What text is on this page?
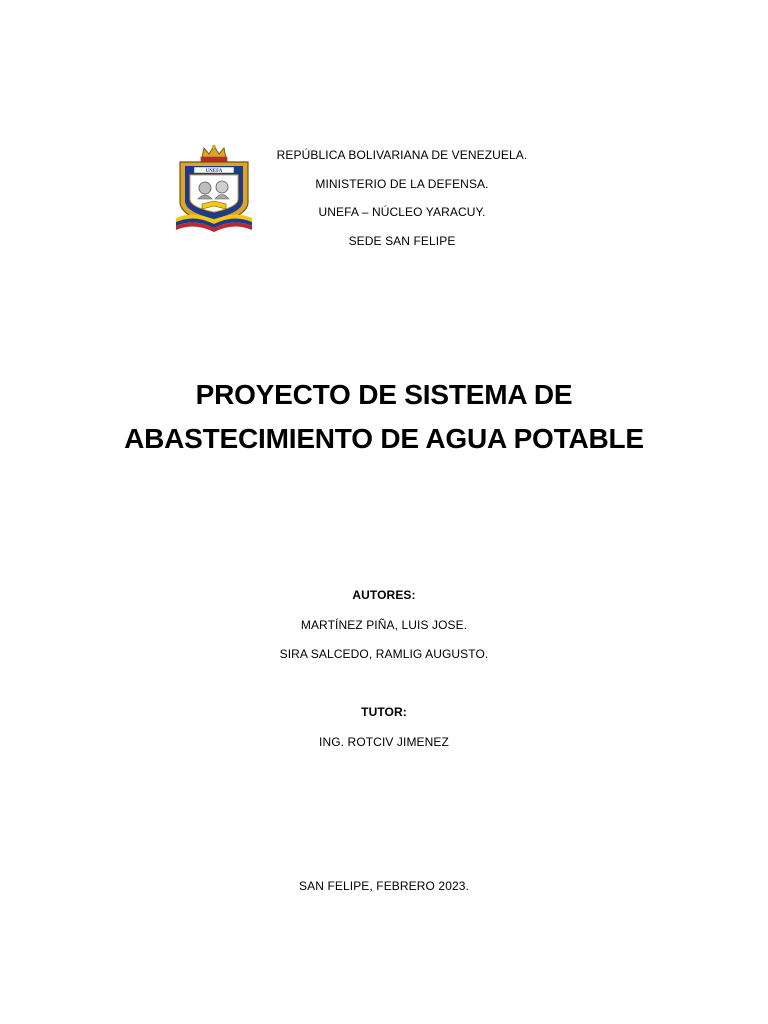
UNEFA
REPÚBLICA BOLIVARIANA DE VENEZUELA.
MINISTERIO DE LA DEFENSA.
UNEFA – NÚCLEO YARACUY.
SEDE SAN FELIPE
PROYECTO DE SISTEMA DE
ABASTECIMIENTO DE AGUA POTABLE
AUTORES:
MARTÍNEZ PIÑA, LUIS JOSE.
SIRA SALCEDO, RAMLIG AUGUSTO.
TUTOR:
ING. ROTCIV JIMENEZ
SAN FELIPE, FEBRERO 2023.
